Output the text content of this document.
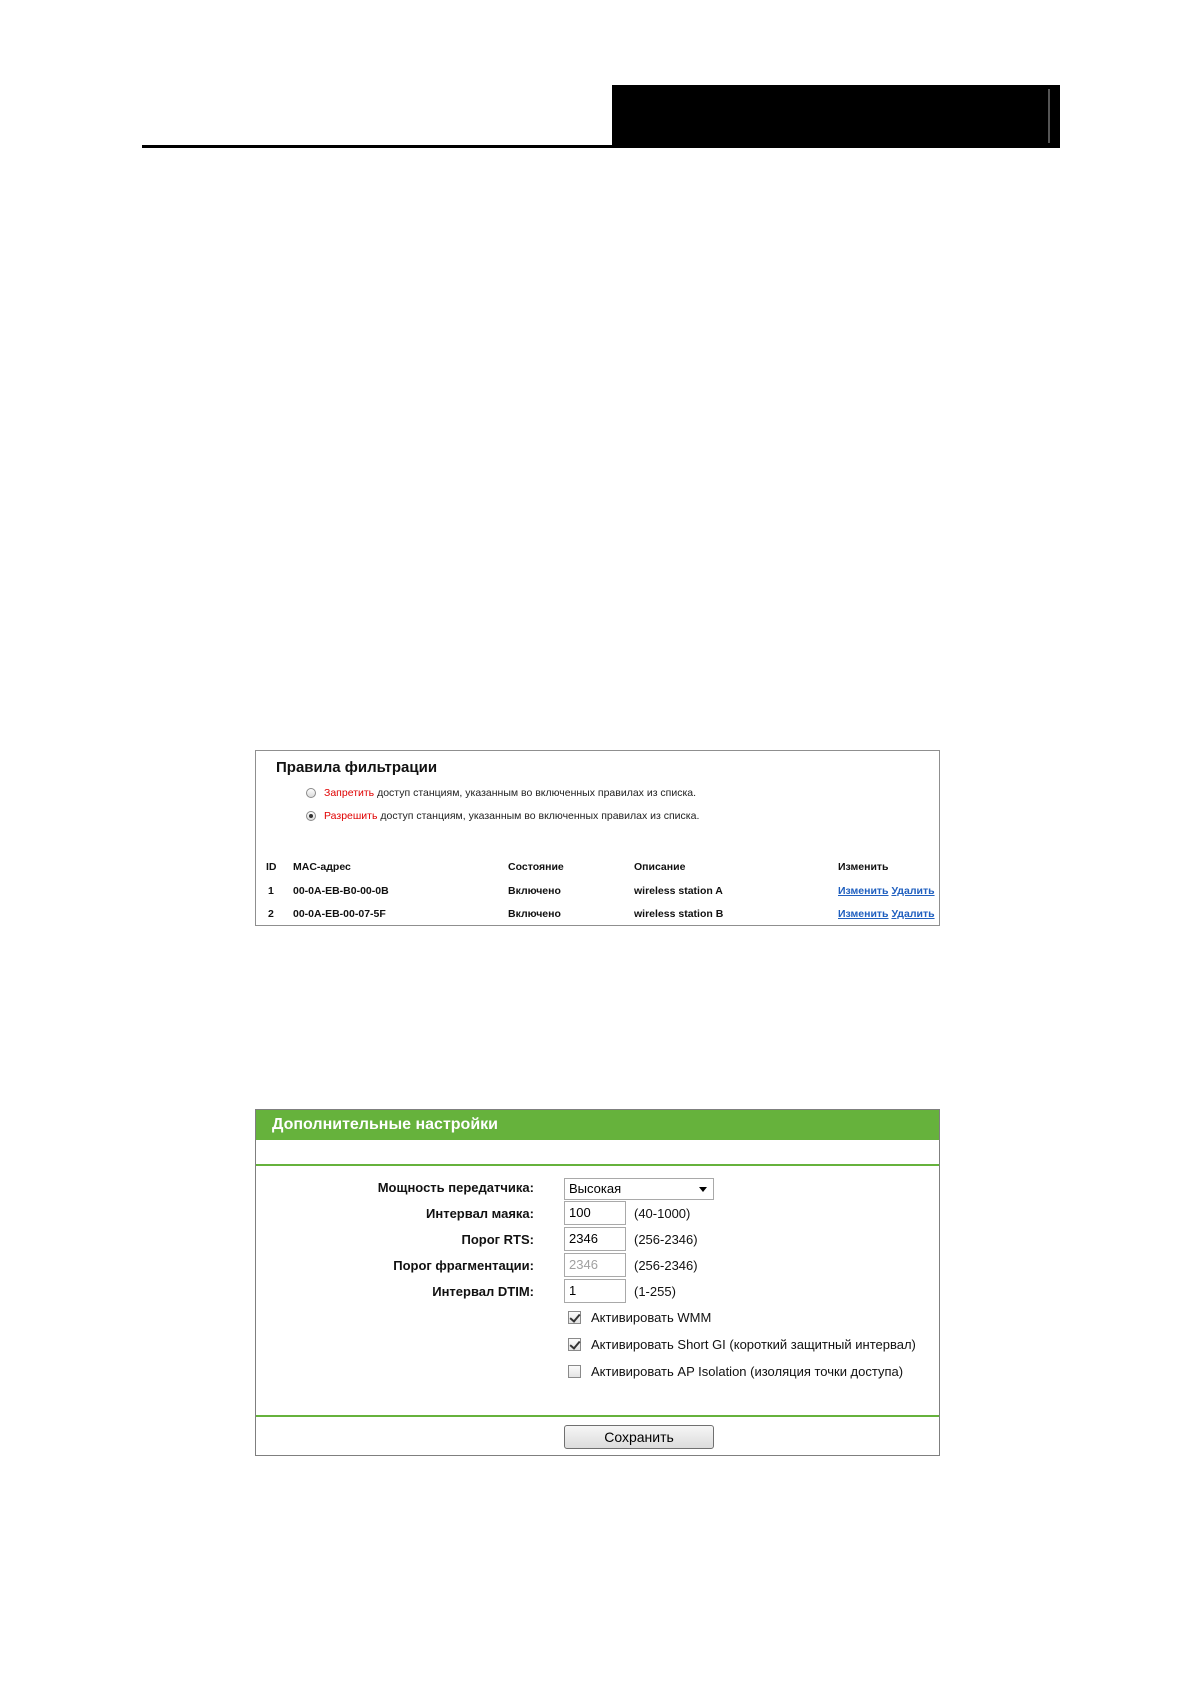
Правила фильтрации
Запретить доступ станциям, указанным во включенных правилах из списка.
Разрешить доступ станциям, указанным во включенных правилах из списка.
ID MAC-адрес	Состояние	Описание	Изменить
1 00-0A-EB-B0-00-0B	Включено	wireless station A	Изменить Удалить
2 00-0A-EB-00-07-5F	Включено	wireless station B	Изменить Удалить
Дополнительные настройки
Мощность передатчика:	Высокая
Интервал маяка:	100	(40-1000)
Порог RTS:	2346	(256-2346)
Порог фрагментации:	2346	(256-2346)
Интервал DTIM:	1	(1-255)
Активировать WMM
Активировать Short GI (короткий защитный интервал)
Активировать AP Isolation (изоляция точки доступа)
Сохранить
